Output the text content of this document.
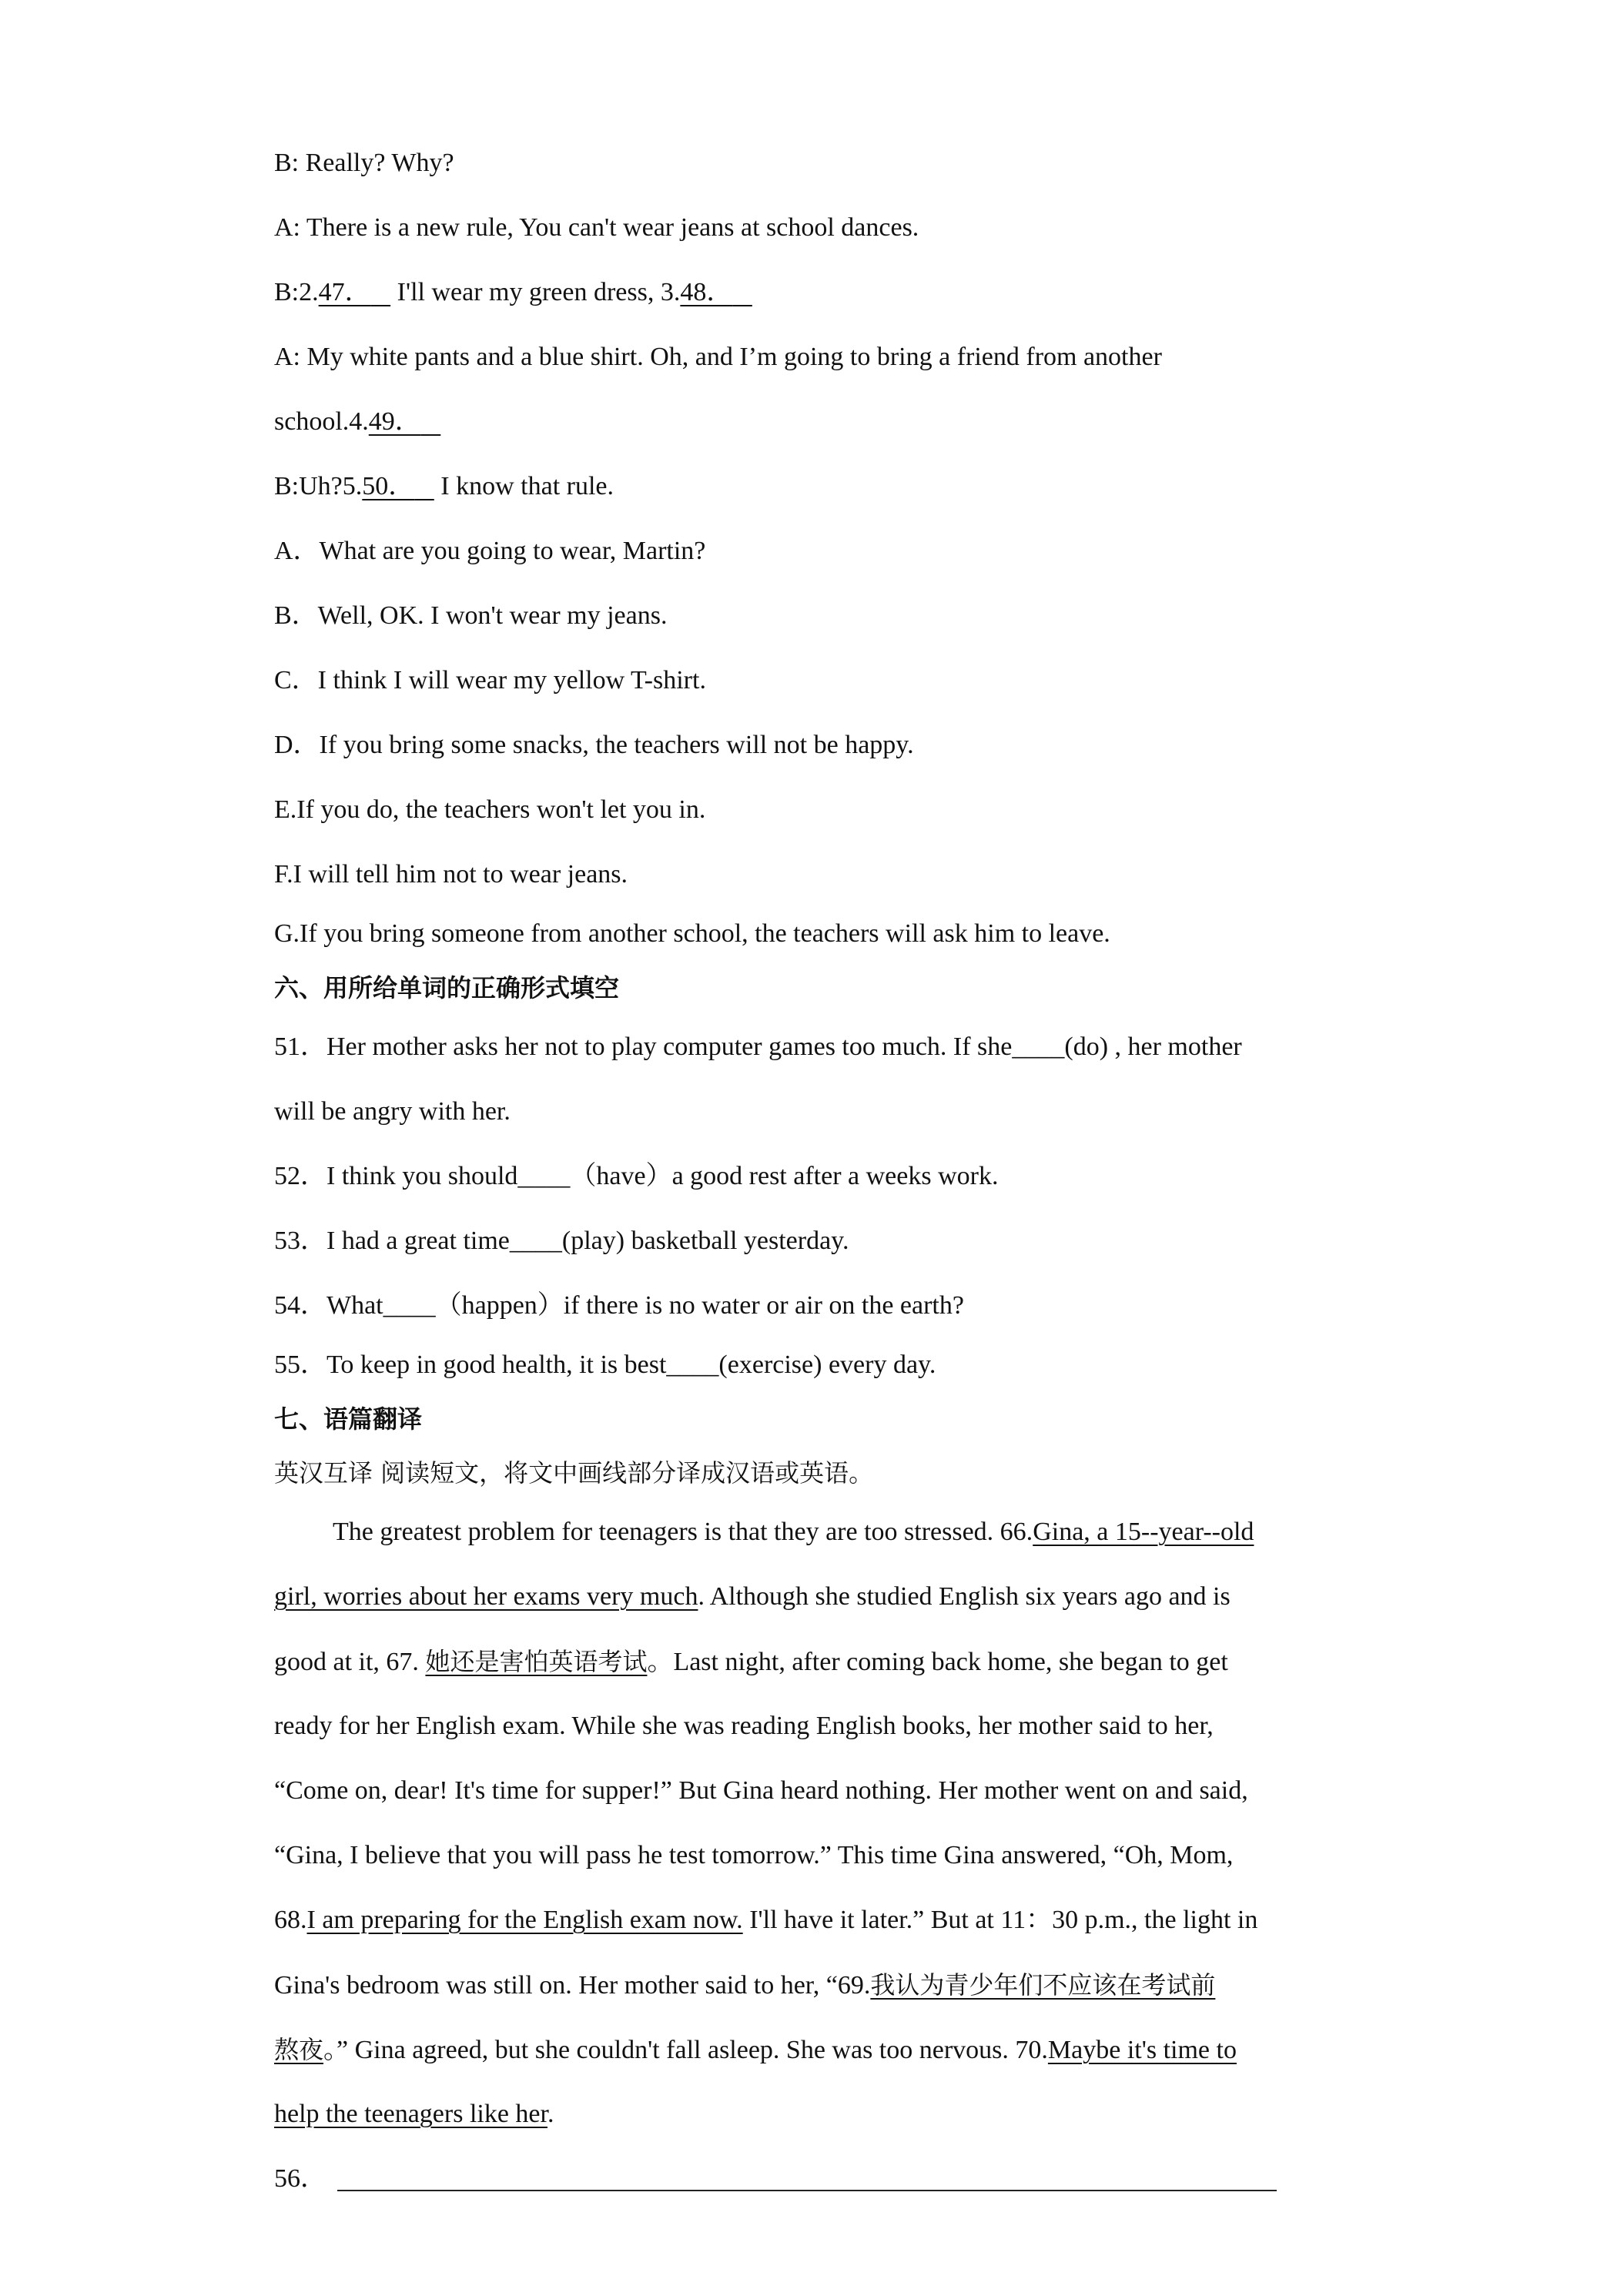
B: Really? Why?
A: There is a new rule, You can't wear jeans at school dances.
B:2.47．    I'll wear my green dress, 3.48．
A: My white pants and a blue shirt. Oh, and I’m going to bring a friend from another
school.4.49．
B:Uh?5.50．    I know that rule.
A．What are you going to wear, Martin?
B．Well, OK. I won't wear my jeans.
C．I think I will wear my yellow T-shirt.
D．If you bring some snacks, the teachers will not be happy.
E.If you do, the teachers won't let you in.
F.I will tell him not to wear jeans.
G.If you bring someone from another school, the teachers will ask him to leave.
六、用所给单词的正确形式填空
51．Her mother asks her not to play computer games too much. If she____(do) , her mother
will be angry with her.
52．I think you should____（have）a good rest after a weeks work.
53．I had a great time____(play) basketball yesterday.
54．What____（happen）if there is no water or air on the earth?
55．To keep in good health, it is best____(exercise) every day.
七、语篇翻译
英汉互译 阅读短文，将文中画线部分译成汉语或英语。
The greatest problem for teenagers is that they are too stressed. 66.Gina, a 15--year--old
girl, worries about her exams very much. Although she studied English six years ago and is
good at it, 67. 她还是害怕英语考试。Last night, after coming back home, she began to get
ready for her English exam. While she was reading English books, her mother said to her,
“Come on, dear! It's time for supper!” But Gina heard nothing. Her mother went on and said,
“Gina, I believe that you will pass he test tomorrow.” This time Gina answered, “Oh, Mom,
68.I am preparing for the English exam now. I'll have it later.” But at 11：30 p.m., the light in
Gina's bedroom was still on. Her mother said to her, “69.我认为青少年们不应该在考试前
熬夜。” Gina agreed, but she couldn't fall asleep. She was too nervous. 70.Maybe it's time to
help the teenagers like her.
56．
